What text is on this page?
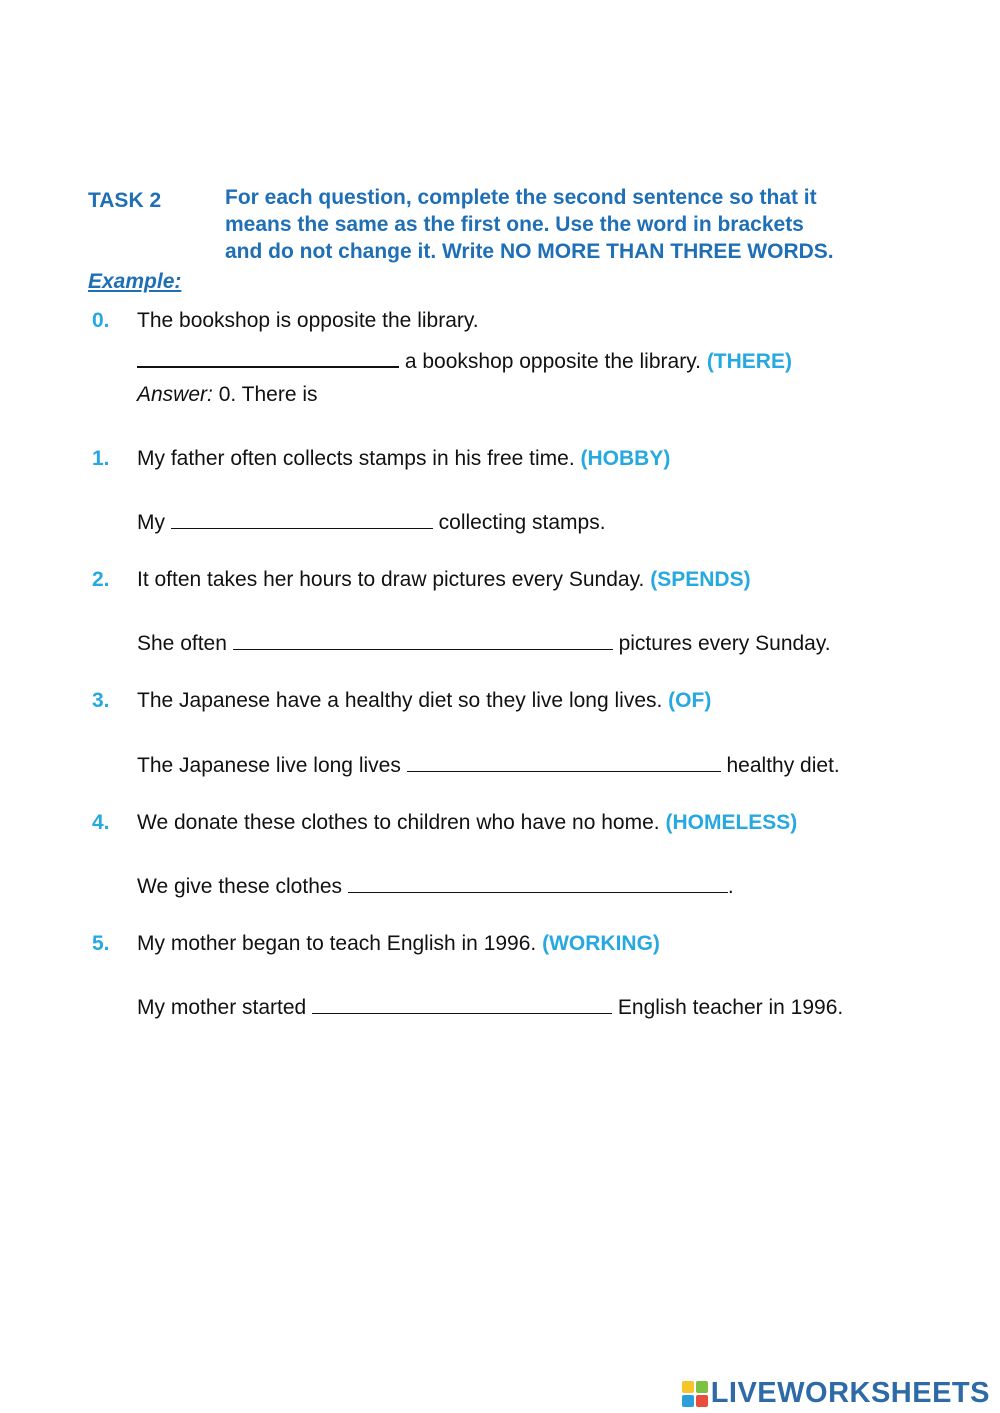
TASK 2	For each question, complete the second sentence so that it
means the same as the first one. Use the word in brackets
and do not change it. Write NO MORE THAN THREE WORDS.
Example:
0. The bookshop is opposite the library.
a bookshop opposite the library. (THERE)
Answer: 0. There is
1. My father often collects stamps in his free time. (HOBBY)
My	collecting stamps.
2. It often takes her hours to draw pictures every Sunday. (SPENDS)
She often	pictures every Sunday.
3. The Japanese have a healthy diet so they live long lives. (OF)
The Japanese live long lives	healthy diet.
4. We donate these clothes to children who have no home. (HOMELESS)
We give these clothes	.
5. My mother began to teach English in 1996. (WORKING)
My mother started	English teacher in 1996.
LIVEWORKSHEETS
